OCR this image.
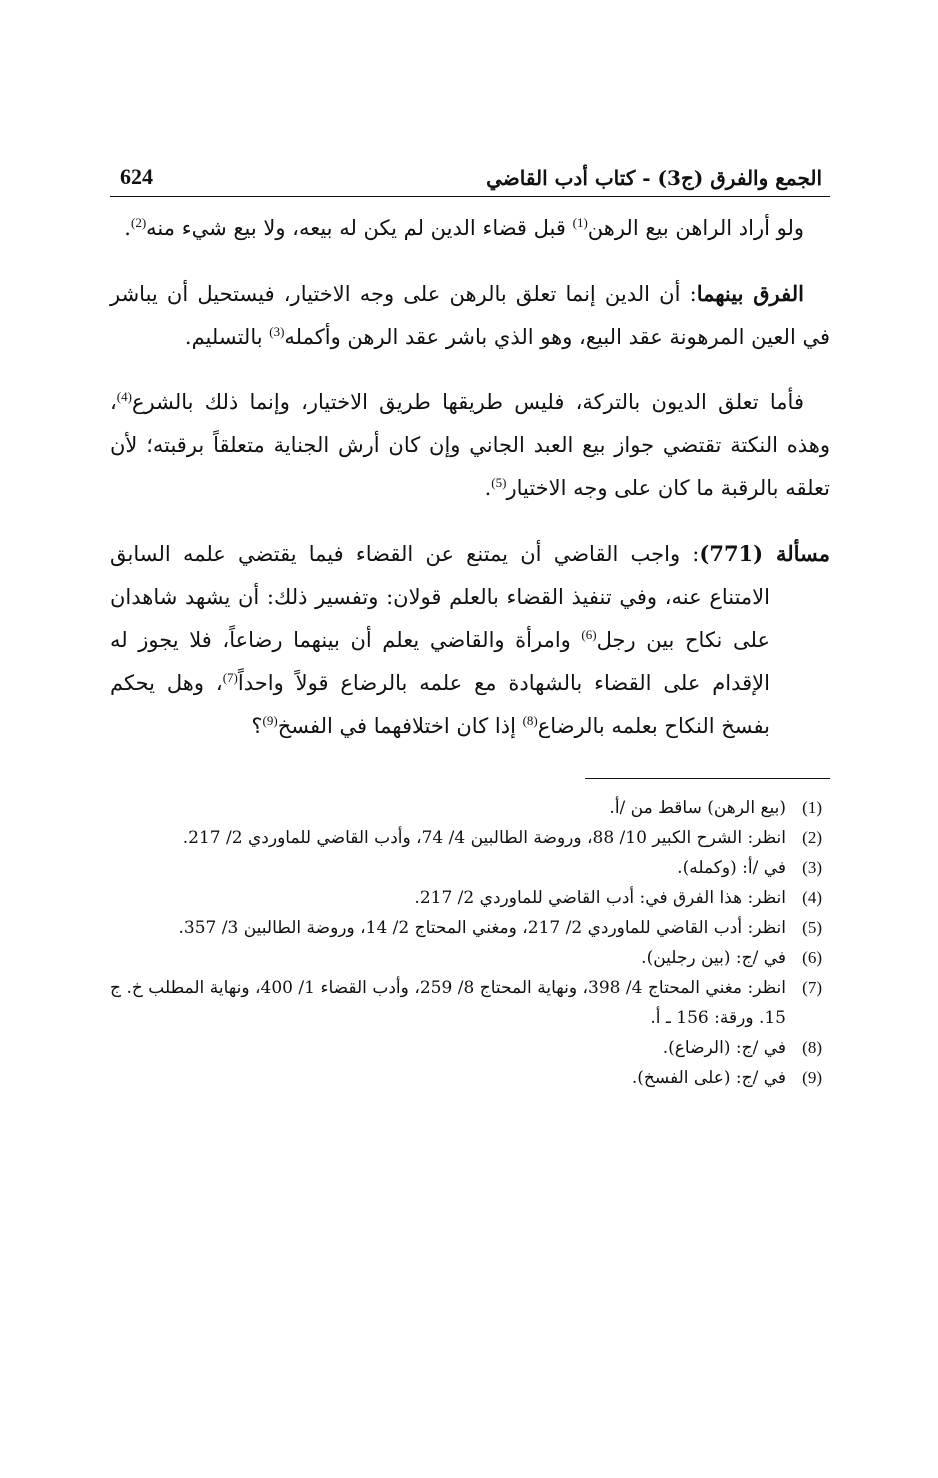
الجمع والفرق (ج3) - كتاب أدب القاضي
624

ولو أراد الراهن بيع الرهن$^{(1)}$ قبل قضاء الدين لم يكن له بيعه، ولا بيع شيء منه$^{(2)}$.

الفرق بينهما: أن الدين إنما تعلق بالرهن على وجه الاختيار، فيستحيل أن يباشر في العين المرهونة عقد البيع، وهو الذي باشر عقد الرهن وأكمله$^{(3)}$ بالتسليم.

فأما تعلق الديون بالتركة، فليس طريقها طريق الاختيار، وإنما ذلك بالشرع$^{(4)}$، وهذه النكتة تقتضي جواز بيع العبد الجاني وإن كان أرش الجناية متعلقاً برقبته؛ لأن تعلقه بالرقبة ما كان على وجه الاختيار$^{(5)}$.

مسألة (771): واجب القاضي أن يمتنع عن القضاء فيما يقتضي علمه السابق الامتناع عنه، وفي تنفيذ القضاء بالعلم قولان: وتفسير ذلك: أن يشهد شاهدان على نكاح بين رجل$^{(6)}$ وامرأة والقاضي يعلم أن بينهما رضاعاً، فلا يجوز له الإقدام على القضاء بالشهادة مع علمه بالرضاع قولاً واحداً$^{(7)}$، وهل يحكم بفسخ النكاح بعلمه بالرضاع$^{(8)}$ إذا كان اختلافهما في الفسخ$^{(9)}$؟

(1)
(بيع الرهن) ساقط من /أ.
(2)
انظر: الشرح الكبير 10/ 88، وروضة الطالبين 4/ 74، وأدب القاضي للماوردي 2/ 217.
(3)
في /أ: (وكمله).
(4)
انظر: هذا الفرق في: أدب القاضي للماوردي 2/ 217.
(5)
انظر: أدب القاضي للماوردي 2/ 217، ومغني المحتاج 2/ 14، وروضة الطالبين 3/ 357.
(6)
في /ج: (بين رجلين).
(7)
انظر: مغني المحتاج 4/ 398، ونهاية المحتاج 8/ 259، وأدب القضاء 1/ 400، ونهاية المطلب خ. ج 15. ورقة: 156 ـ أ.
(8)
في /ج: (الرضاع).
(9)
في /ج: (على الفسخ).
